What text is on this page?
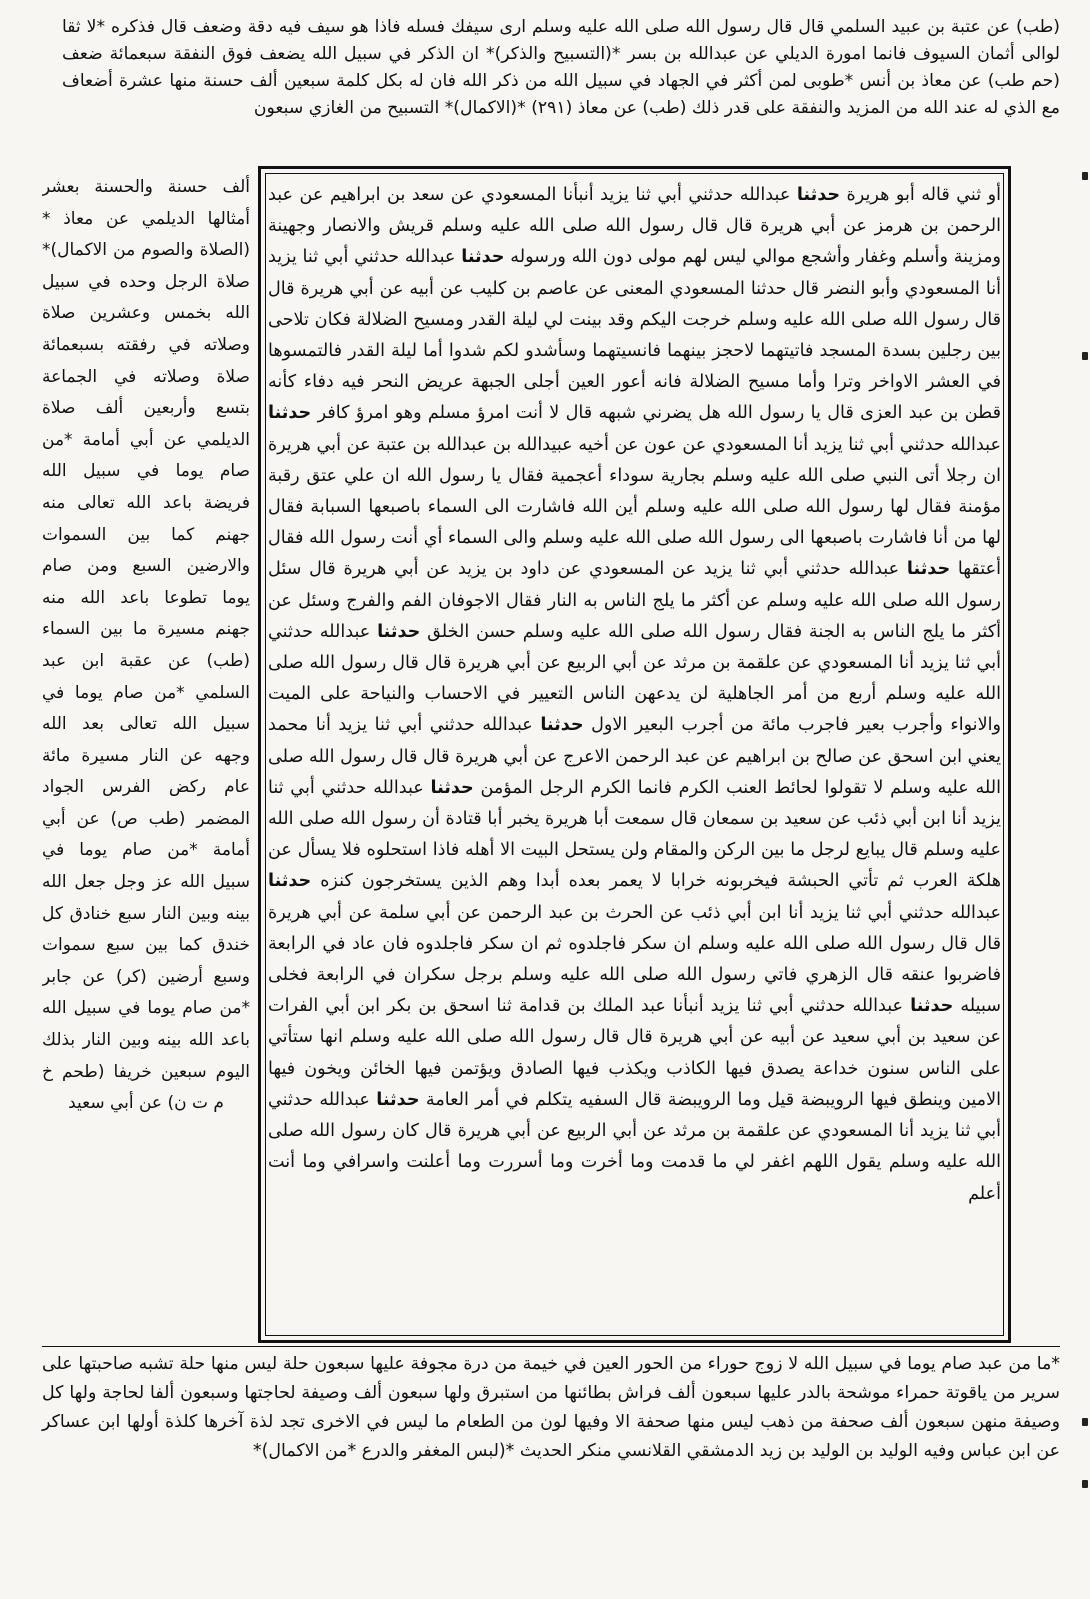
(طب) عن عتبة بن عبيد السلمي قال قال رسول الله صلى الله عليه وسلم ارى سيفك فسله فاذا هو سيف فيه دقة وضعف قال فذكره *لا ثقا لوالى أثمان السيوف فانما امورة الديلي عن عبدالله بن بسر *(التسبيح والذكر)* ان الذكر في سبيل الله يضعف فوق النفقة سبعمائة ضعف (حم طب) عن معاذ بن أنس *طوبى لمن أكثر في الجهاد في سبيل الله من ذكر الله فان له بكل كلمة سبعين ألف حسنة منها عشرة أضعاف مع الذي له عند الله من المزيد والنفقة على قدر ذلك (طب) عن معاذ (٢٩١) *(الاكمال)* التسبيح من الغازي سبعون

أو ثني قاله أبو هريرة حدثنا عبدالله حدثني أبي ثنا يزيد أنبأنا المسعودي عن سعد بن ابراهيم عن عبد الرحمن بن هرمز عن أبي هريرة قال قال رسول الله صلى الله عليه وسلم قريش والانصار وجهينة ومزينة وأسلم وغفار وأشجع موالي ليس لهم مولى دون الله ورسوله حدثنا عبدالله حدثني أبي ثنا يزيد أنا المسعودي وأبو النضر قال حدثنا المسعودي المعنى عن عاصم بن كليب عن أبيه عن أبي هريرة قال قال رسول الله صلى الله عليه وسلم خرجت اليكم وقد بينت لي ليلة القدر ومسيح الضلالة فكان تلاحى بين رجلين بسدة المسجد فاتيتهما لاحجز بينهما فانسيتهما وسأشدو لكم شدوا أما ليلة القدر فالتمسوها في العشر الاواخر وترا وأما مسيح الضلالة فانه أعور العين أجلى الجبهة عريض النحر فيه دفاء كأنه قطن بن عبد العزى قال يا رسول الله هل يضرني شبهه قال لا أنت امرؤ مسلم وهو امرؤ كافر حدثنا عبدالله حدثني أبي ثنا يزيد أنا المسعودي عن عون عن أخيه عبيدالله بن عبدالله بن عتبة عن أبي هريرة ان رجلا أتى النبي صلى الله عليه وسلم بجارية سوداء أعجمية فقال يا رسول الله ان علي عتق رقبة مؤمنة فقال لها رسول الله صلى الله عليه وسلم أين الله فاشارت الى السماء باصبعها السبابة فقال لها من أنا فاشارت باصبعها الى رسول الله صلى الله عليه وسلم والى السماء أي أنت رسول الله فقال أعتقها حدثنا عبدالله حدثني أبي ثنا يزيد عن المسعودي عن داود بن يزيد عن أبي هريرة قال سئل رسول الله صلى الله عليه وسلم عن أكثر ما يلج الناس به النار فقال الاجوفان الفم والفرج وسئل عن أكثر ما يلج الناس به الجنة فقال رسول الله صلى الله عليه وسلم حسن الخلق حدثنا عبدالله حدثني أبي ثنا يزيد أنا المسعودي عن علقمة بن مرثد عن أبي الربيع عن أبي هريرة قال قال رسول الله صلى الله عليه وسلم أربع من أمر الجاهلية لن يدعهن الناس التعيير في الاحساب والنياحة على الميت والانواء وأجرب بعير فاجرب مائة من أجرب البعير الاول حدثنا عبدالله حدثني أبي ثنا يزيد أنا محمد يعني ابن اسحق عن صالح بن ابراهيم عن عبد الرحمن الاعرج عن أبي هريرة قال قال رسول الله صلى الله عليه وسلم لا تقولوا لحائط العنب الكرم فانما الكرم الرجل المؤمن حدثنا عبدالله حدثني أبي ثنا يزيد أنا ابن أبي ذئب عن سعيد بن سمعان قال سمعت أبا هريرة يخبر أبا قتادة أن رسول الله صلى الله عليه وسلم قال يبايع لرجل ما بين الركن والمقام ولن يستحل البيت الا أهله فاذا استحلوه فلا يسأل عن هلكة العرب ثم تأتي الحبشة فيخربونه خرابا لا يعمر بعده أبدا وهم الذين يستخرجون كنزه حدثنا عبدالله حدثني أبي ثنا يزيد أنا ابن أبي ذئب عن الحرث بن عبد الرحمن عن أبي سلمة عن أبي هريرة قال قال رسول الله صلى الله عليه وسلم ان سكر فاجلدوه ثم ان سكر فاجلدوه فان عاد في الرابعة فاضربوا عنقه قال الزهري فاتي رسول الله صلى الله عليه وسلم برجل سكران في الرابعة فخلى سبيله حدثنا عبدالله حدثني أبي ثنا يزيد أنبأنا عبد الملك بن قدامة ثنا اسحق بن بكر ابن أبي الفرات عن سعيد بن أبي سعيد عن أبيه عن أبي هريرة قال قال رسول الله صلى الله عليه وسلم انها ستأتي على الناس سنون خداعة يصدق فيها الكاذب ويكذب فيها الصادق ويؤتمن فيها الخائن ويخون فيها الامين وينطق فيها الرويبضة قيل وما الرويبضة قال السفيه يتكلم في أمر العامة حدثنا عبدالله حدثني أبي ثنا يزيد أنا المسعودي عن علقمة بن مرثد عن أبي الربيع عن أبي هريرة قال كان رسول الله صلى الله عليه وسلم يقول اللهم اغفر لي ما قدمت وما أخرت وما أسررت وما أعلنت واسرافي وما أنت أعلم

ألف حسنة والحسنة بعشر أمثالها الديلمي عن معاذ *(الصلاة والصوم من الاكمال)* صلاة الرجل وحده في سبيل الله بخمس وعشرين صلاة وصلاته في رفقته بسبعمائة صلاة وصلاته في الجماعة بتسع وأربعين ألف صلاة الديلمي عن أبي أمامة *من صام يوما في سبيل الله فريضة باعد الله تعالى منه جهنم كما بين السموات والارضين السبع ومن صام يوما تطوعا باعد الله منه جهنم مسيرة ما بين السماء (طب) عن عقبة ابن عبد السلمي *من صام يوما في سبيل الله تعالى بعد الله وجهه عن النار مسيرة مائة عام ركض الفرس الجواد المضمر (طب ص) عن أبي أمامة *من صام يوما في سبيل الله عز وجل جعل الله بينه وبين النار سبع خنادق كل خندق كما بين سبع سموات وسبع أرضين (كر) عن جابر *من صام يوما في سبيل الله باعد الله بينه وبين النار بذلك اليوم سبعين خريفا (طحم خ م ت ن) عن أبي سعيد

*ما من عبد صام يوما في سبيل الله لا زوج حوراء من الحور العين في خيمة من درة مجوفة عليها سبعون حلة ليس منها حلة تشبه صاحبتها على سرير من ياقوتة حمراء موشحة بالدر عليها سبعون ألف فراش بطائنها من استبرق ولها سبعون ألف وصيفة لحاجتها وسبعون ألفا لحاجة ولها كل وصيفة منهن سبعون ألف صحفة من ذهب ليس منها صحفة الا وفيها لون من الطعام ما ليس في الاخرى تجد لذة آخرها كلذة أولها ابن عساكر عن ابن عباس وفيه الوليد بن الوليد بن زيد الدمشقي القلانسي منكر الحديث *(لبس المغفر والدرع *من الاكمال)*
